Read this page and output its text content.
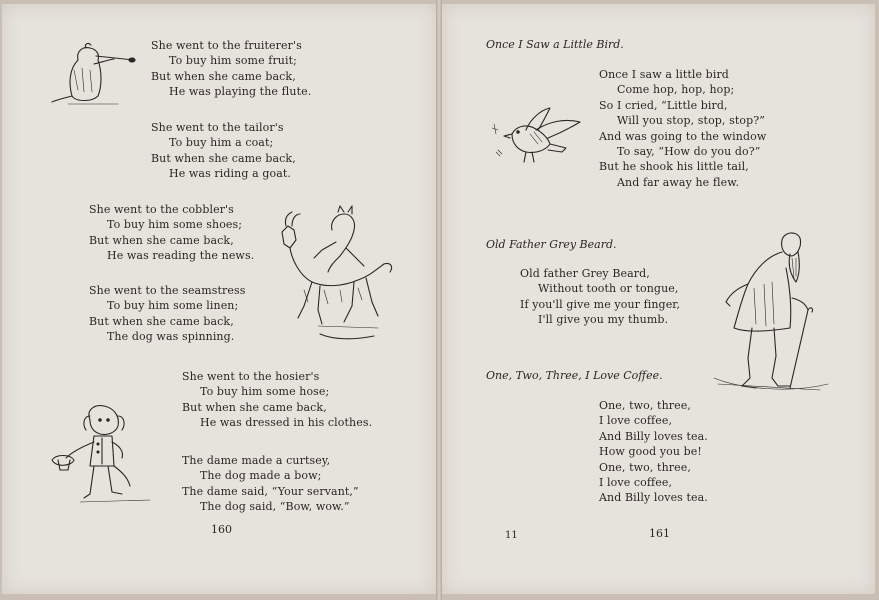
She went to the fruiterer's
To buy him some fruit;
But when she came back,
He was playing the flute.
She went to the tailor's
To buy him a coat;
But when she came back,
He was riding a goat.
She went to the cobbler's
To buy him some shoes;
But when she came back,
He was reading the news.
She went to the seamstress
To buy him some linen;
But when she came back,
The dog was spinning.
She went to the hosier's
To buy him some hose;
But when she came back,
He was dressed in his clothes.
The dame made a curtsey,
The dog made a bow;
The dame said, “Your servant,”
The dog said, “Bow, wow.”
160
Once I Saw a Little Bird.
Once I saw a little bird
Come hop, hop, hop;
So I cried, “Little bird,
Will you stop, stop, stop?”
And was going to the window
To say, “How do you do?”
But he shook his little tail,
And far away he flew.
Old Father Grey Beard.
Old father Grey Beard,
Without tooth or tongue,
If you'll give me your finger,
I'll give you my thumb.
One, Two, Three, I Love Coffee.
One, two, three,
I love coffee,
And Billy loves tea.
How good you be!
One, two, three,
I love coffee,
And Billy loves tea.
11	161
